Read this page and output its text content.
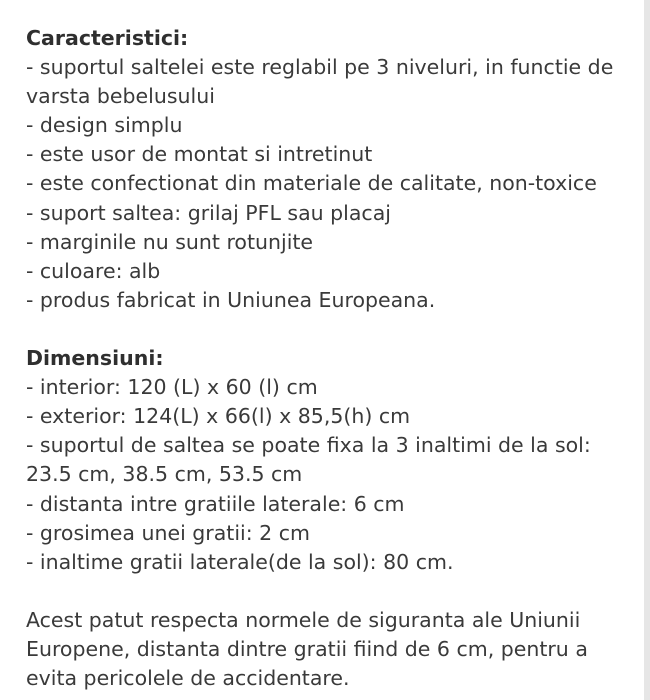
Caracteristici:
- suportul saltelei este reglabil pe 3 niveluri, in functie de varsta bebelusului
- design simplu
- este usor de montat si intretinut
- este confectionat din materiale de calitate, non-toxice
- suport saltea: grilaj PFL sau placaj
- marginile nu sunt rotunjite
- culoare: alb
- produs fabricat in Uniunea Europeana.
Dimensiuni:
- interior: 120 (L) x 60 (l) cm
- exterior: 124(L) x 66(l) x 85,5(h) cm
- suportul de saltea se poate fixa la 3 inaltimi de la sol: 23.5 cm, 38.5 cm, 53.5 cm
- distanta intre gratiile laterale: 6 cm
- grosimea unei gratii: 2 cm
- inaltime gratii laterale(de la sol): 80 cm.
Acest patut respecta normele de siguranta ale Uniunii Europene, distanta dintre gratii fiind de 6 cm, pentru a evita pericolele de accidentare.
